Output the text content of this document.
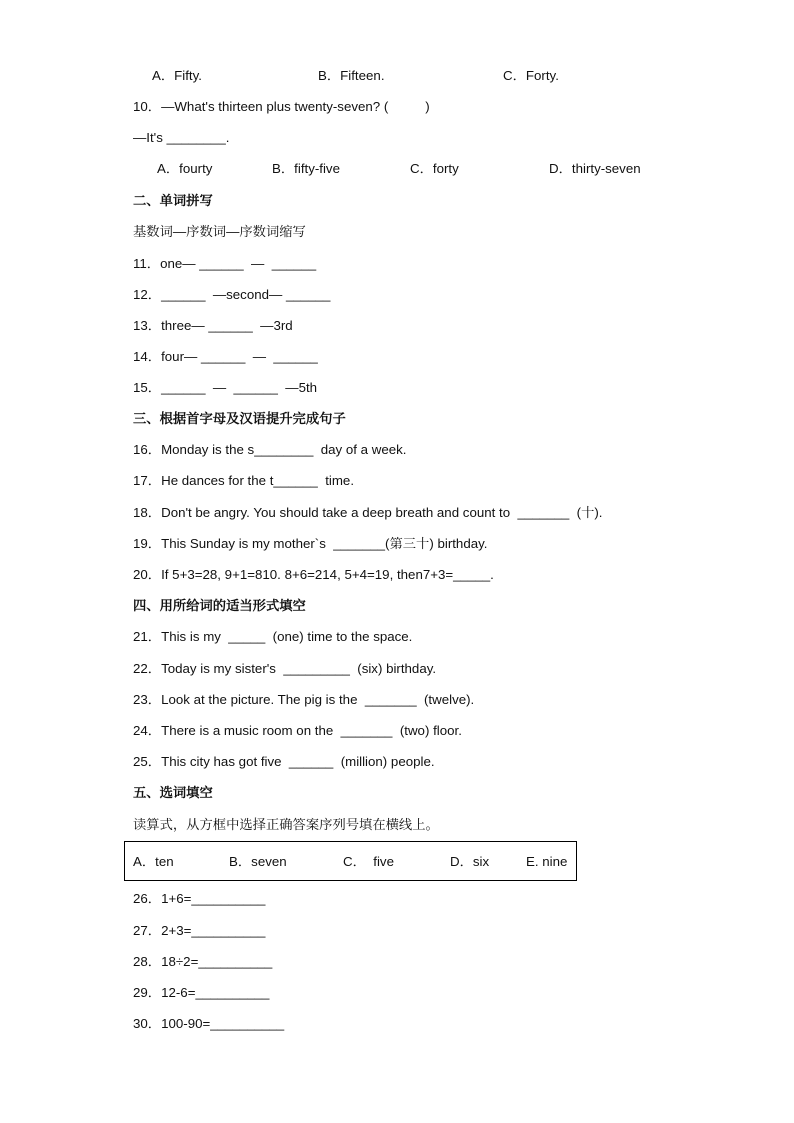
A．Fifty.	B．Fifteen.	C．Forty.
10．—What's thirteen plus twenty-seven? (          )
—It's ________.
A．fourty	B．fifty-five	C．forty	D．thirty-seven
二、单词拼写
基数词—序数词—序数词缩写
11．one— ______  —  ______
12．______  —second— ______
13．three— ______  —3rd
14．four— ______  —  ______
15．______  —  ______  —5th
三、根据首字母及汉语提升完成句子
16．Monday is the s________  day of a week.
17．He dances for the t______  time.
18．Don't be angry. You should take a deep breath and count to  _______  (十).
19．This Sunday is my mother`s  _______(第三十) birthday.
20．If 5+3=28, 9+1=810. 8+6=214, 5+4=19, then7+3=_____.
四、用所给词的适当形式填空
21．This is my  _____  (one) time to the space.
22．Today is my sister's  _________  (six) birthday.
23．Look at the picture. The pig is the  _______  (twelve).
24．There is a music room on the  _______  (two) floor.
25．This city has got five  ______  (million) people.
五、选词填空
读算式，从方框中选择正确答案序列号填在横线上。
A．ten	B．seven	C．  five	D．six	E. nine
26．1+6=__________
27．2+3=__________
28．18÷2=__________
29．12-6=__________
30．100-90=__________
